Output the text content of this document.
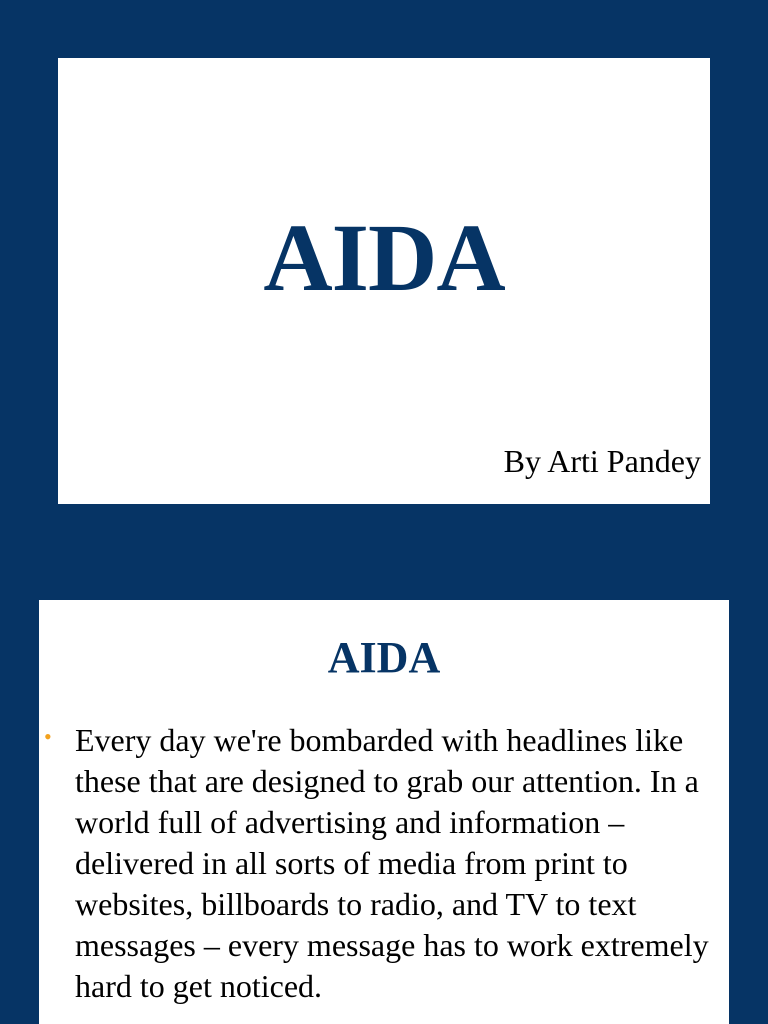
AIDA
By Arti Pandey
AIDA
• Every day we're bombarded with headlines like these that are designed to grab our attention. In a world full of advertising and information – delivered in all sorts of media from print to websites, billboards to radio, and TV to text messages – every message has to work extremely hard to get noticed.
